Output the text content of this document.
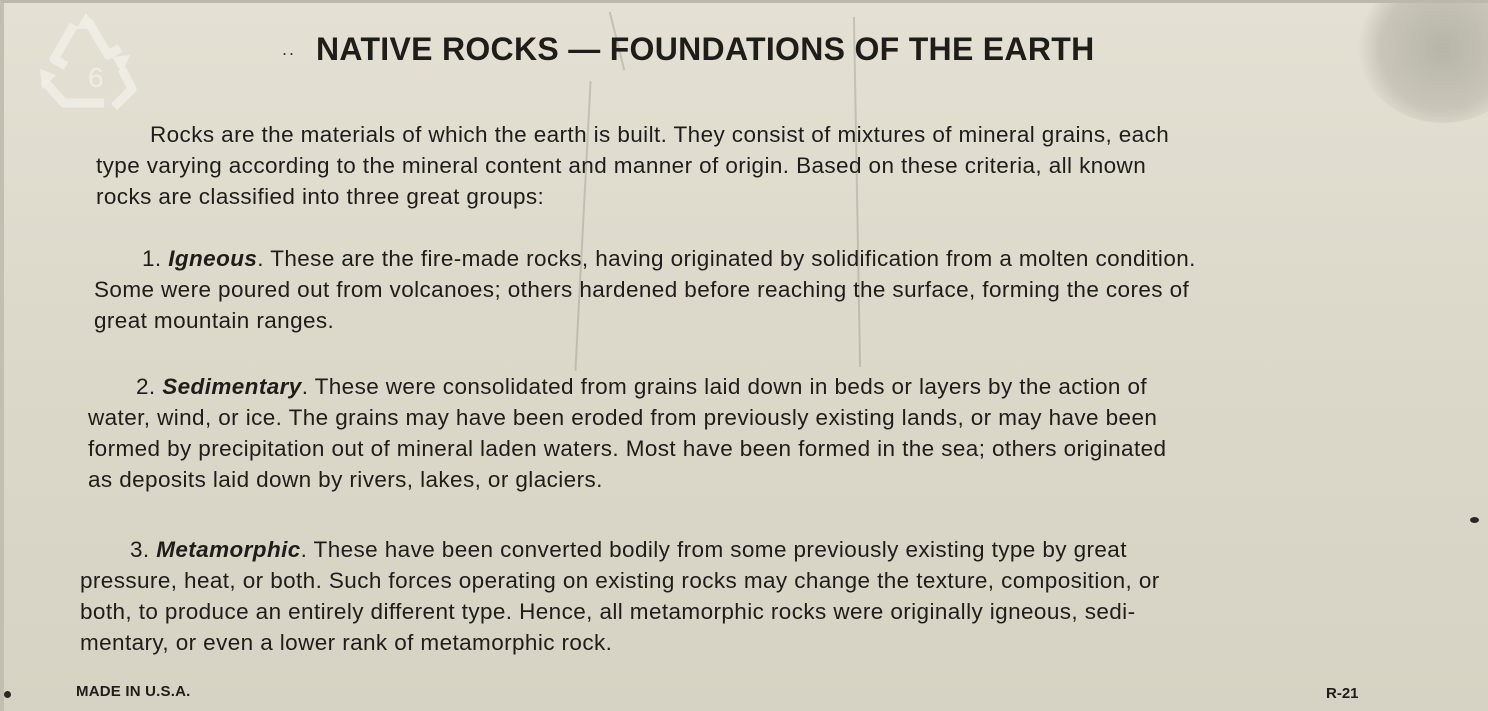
6
.. NATIVE ROCKS — FOUNDATIONS OF THE EARTH

Rocks are the materials of which the earth is built. They consist of mixtures of mineral grains, each
type varying according to the mineral content and manner of origin. Based on these criteria, all known
rocks are classified into three great groups:

1. Igneous. These are the fire-made rocks, having originated by solidification from a molten condition.
Some were poured out from volcanoes; others hardened before reaching the surface, forming the cores of
great mountain ranges.

2. Sedimentary. These were consolidated from grains laid down in beds or layers by the action of
water, wind, or ice. The grains may have been eroded from previously existing lands, or may have been
formed by precipitation out of mineral laden waters. Most have been formed in the sea; others originated
as deposits laid down by rivers, lakes, or glaciers.

3. Metamorphic. These have been converted bodily from some previously existing type by great
pressure, heat, or both. Such forces operating on existing rocks may change the texture, composition, or
both, to produce an entirely different type. Hence, all metamorphic rocks were originally igneous, sedi-
mentary, or even a lower rank of metamorphic rock.

MADE IN U.S.A.	R-21
